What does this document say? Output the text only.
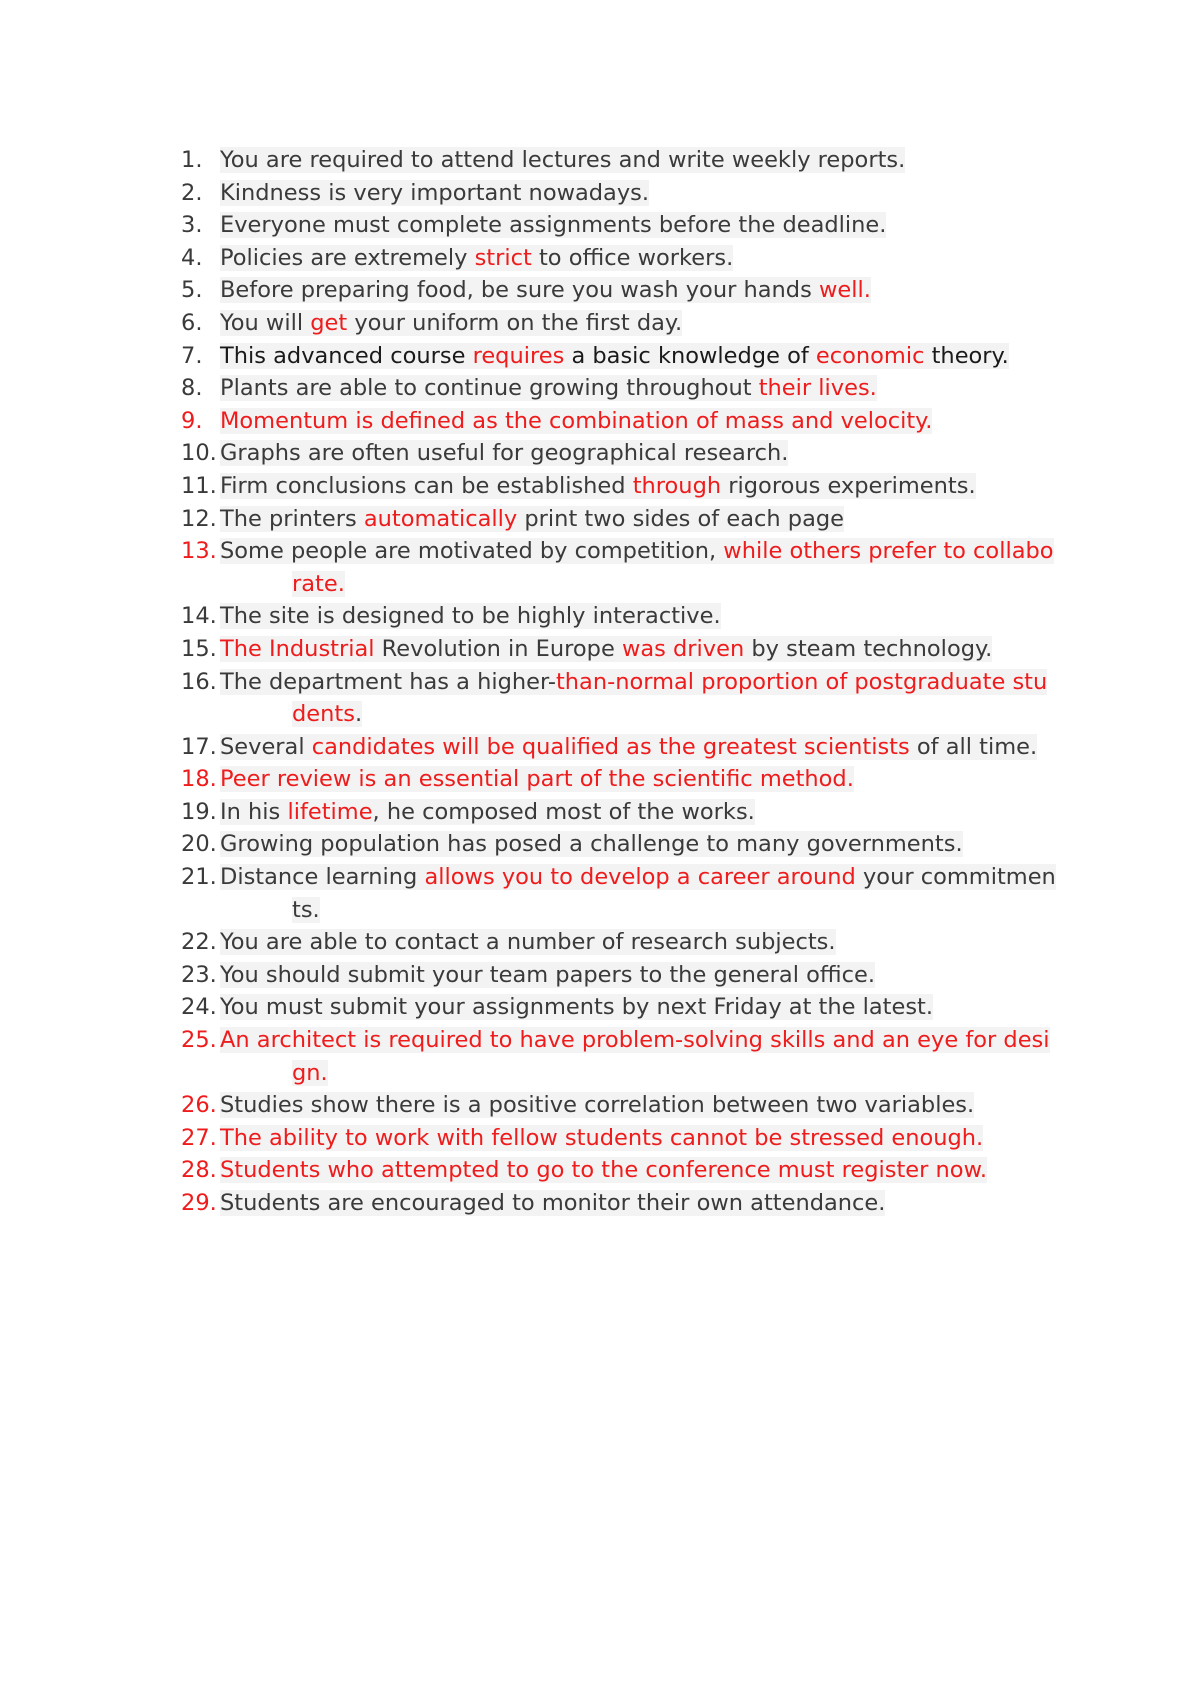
1. You are required to attend lectures and write weekly reports.

2. Kindness is very important nowadays.

3. Everyone must complete assignments before the deadline.

4. Policies are extremely strict to office workers.

5. Before preparing food, be sure you wash your hands well.

6. You will get your uniform on the first day.

7. This advanced course requires a basic knowledge of economic theory.

8. Plants are able to continue growing throughout their lives.

9. Momentum is defined as the combination of mass and velocity.

10. Graphs are often useful for geographical research.

11. Firm conclusions can be established through rigorous experiments.

12. The printers automatically print two sides of each page

13. Some people are motivated by competition, while others prefer to collaborate.

14. The site is designed to be highly interactive.

15. The Industrial Revolution in Europe was driven by steam technology.

16. The department has a higher-than-normal proportion of postgraduate students.

17. Several candidates will be qualified as the greatest scientists of all time.

18. Peer review is an essential part of the scientific method.

19. In his lifetime, he composed most of the works.

20. Growing population has posed a challenge to many governments.

21. Distance learning allows you to develop a career around your commitments.

22. You are able to contact a number of research subjects.

23. You should submit your team papers to the general office.

24. You must submit your assignments by next Friday at the latest.

25. An architect is required to have problem-solving skills and an eye for design.

26. Studies show there is a positive correlation between two variables.

27. The ability to work with fellow students cannot be stressed enough.

28. Students who attempted to go to the conference must register now.

29. Students are encouraged to monitor their own attendance.
